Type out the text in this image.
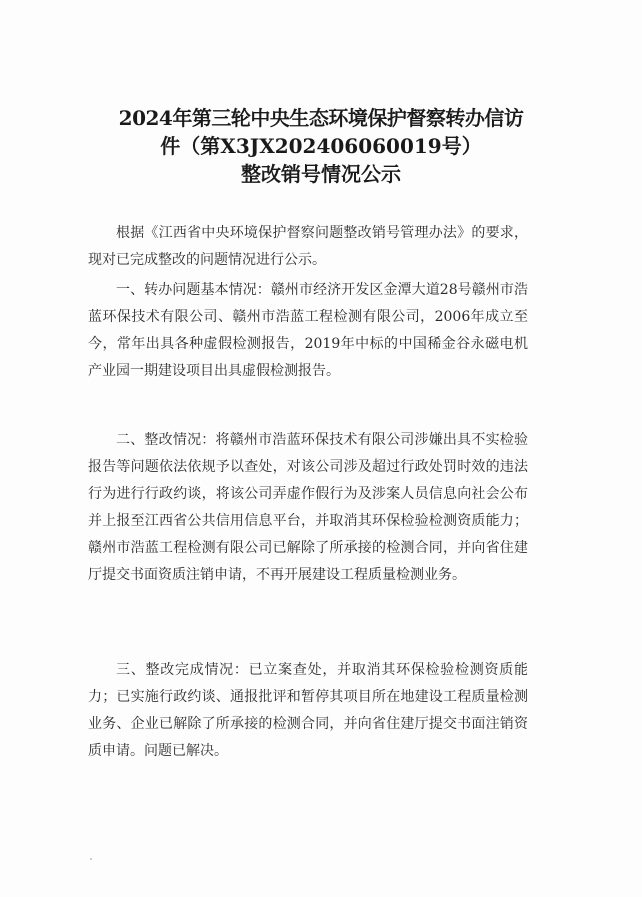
2024年第三轮中央生态环境保护督察转办信访
件（第X3JX202406060019号）
整改销号情况公示

根据《江西省中央环境保护督察问题整改销号管理办法》的要求，现对已完成整改的问题情况进行公示。

一、转办问题基本情况：赣州市经济开发区金潭大道28号赣州市浩蓝环保技术有限公司、赣州市浩蓝工程检测有限公司，2006年成立至今，常年出具各种虚假检测报告，2019年中标的中国稀金谷永磁电机产业园一期建设项目出具虚假检测报告。

二、整改情况：将赣州市浩蓝环保技术有限公司涉嫌出具不实检验报告等问题依法依规予以查处，对该公司涉及超过行政处罚时效的违法行为进行行政约谈，将该公司弄虚作假行为及涉案人员信息向社会公布并上报至江西省公共信用信息平台，并取消其环保检验检测资质能力；赣州市浩蓝工程检测有限公司已解除了所承接的检测合同，并向省住建厅提交书面资质注销申请，不再开展建设工程质量检测业务。

三、整改完成情况：已立案查处，并取消其环保检验检测资质能力；已实施行政约谈、通报批评和暂停其项目所在地建设工程质量检测业务、企业已解除了所承接的检测合同，并向省住建厅提交书面注销资质申请。问题已解决。
